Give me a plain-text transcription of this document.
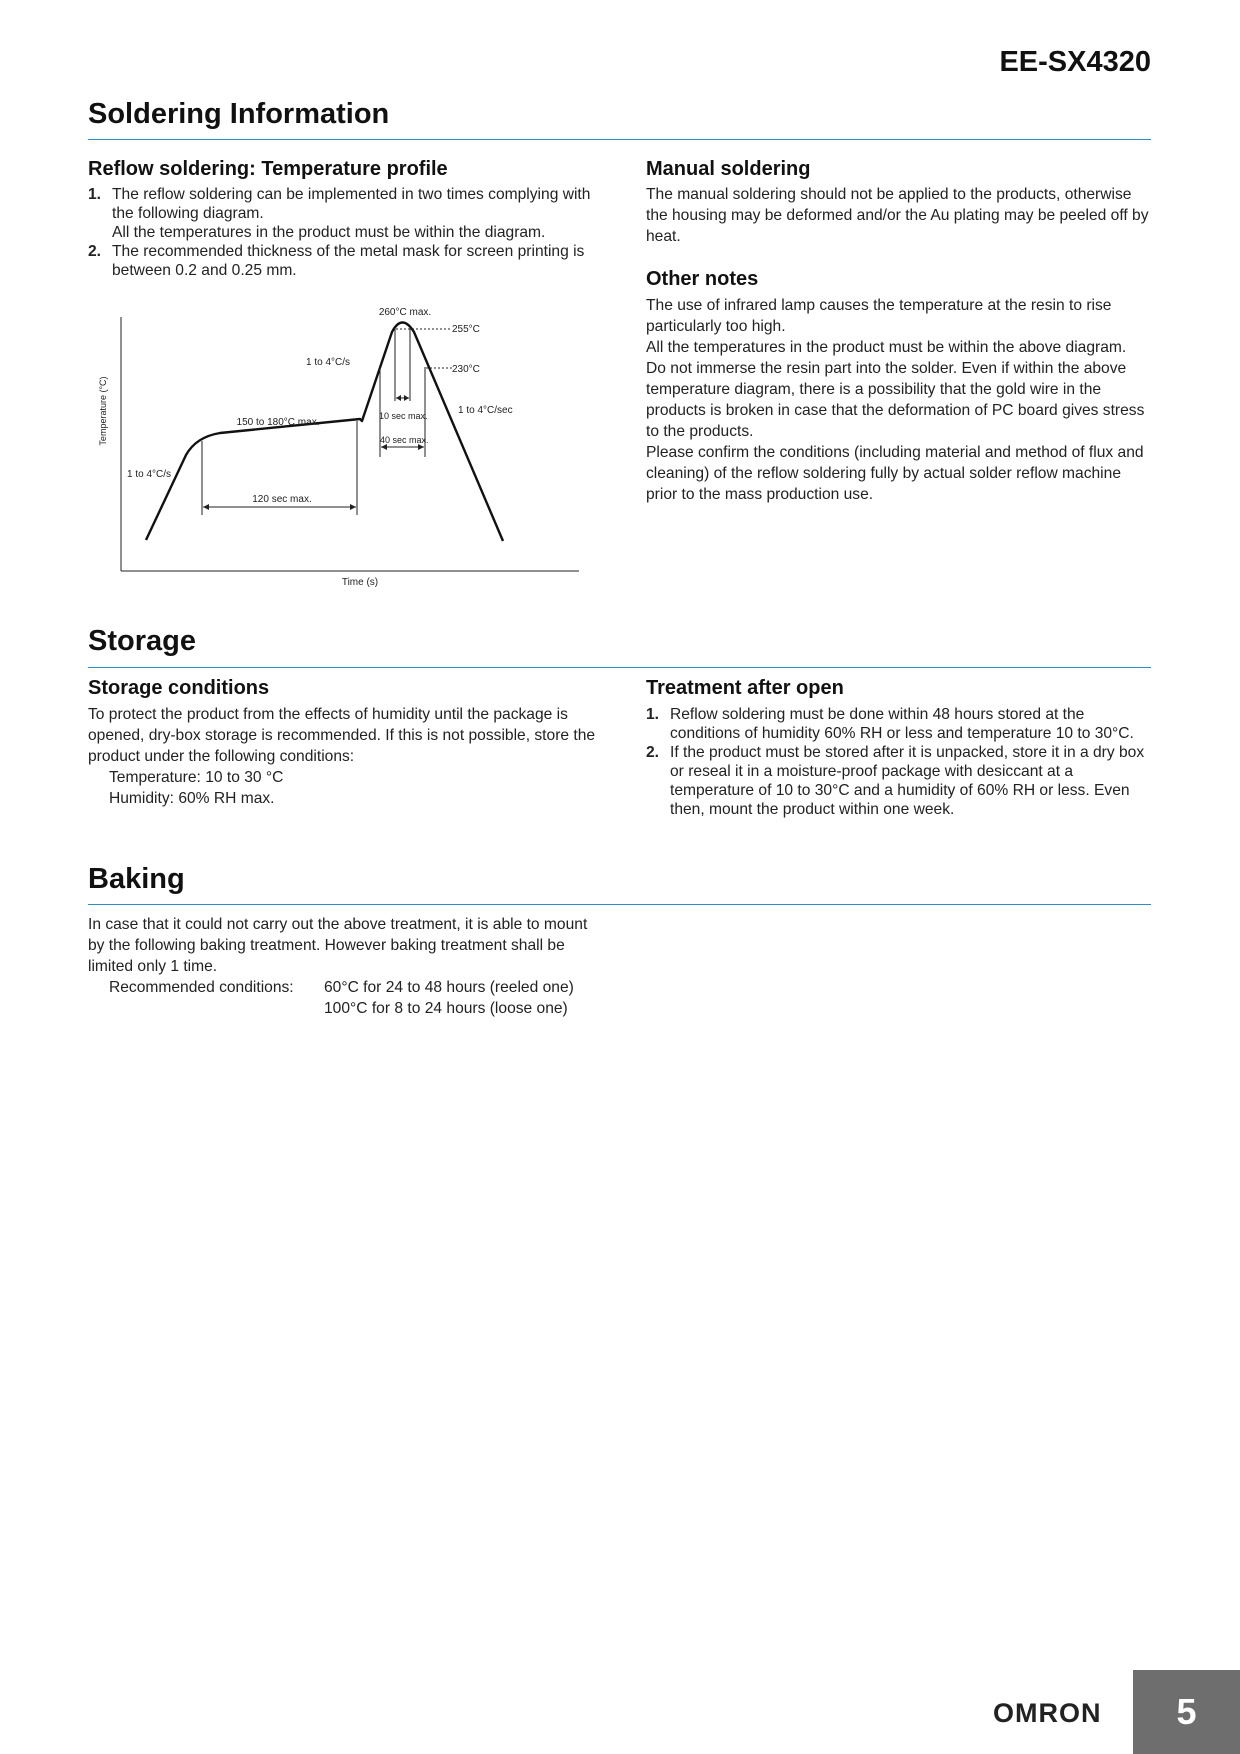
EE-SX4320
Soldering Information
Reflow soldering: Temperature profile
1. The reflow soldering can be implemented in two times complying with the following diagram.
All the temperatures in the product must be within the diagram.
2. The recommended thickness of the metal mask for screen printing is between 0.2 and 0.25 mm.
Temperature (°C)
Time (s)
260°C max.
255°C
230°C
1 to 4°C/s
1 to 4°C/sec
150 to 180°C max.
1 to 4°C/s
120 sec max.
10 sec max.
40 sec max.
Manual soldering
The manual soldering should not be applied to the products, otherwise the housing may be deformed and/or the Au plating may be peeled off by heat.
Other notes
The use of infrared lamp causes the temperature at the resin to rise particularly too high.
All the temperatures in the product must be within the above diagram.
Do not immerse the resin part into the solder. Even if within the above temperature diagram, there is a possibility that the gold wire in the products is broken in case that the deformation of PC board gives stress to the products.
Please confirm the conditions (including material and method of flux and cleaning) of the reflow soldering fully by actual solder reflow machine prior to the mass production use.
Storage
Storage conditions
To protect the product from the effects of humidity until the package is opened, dry-box storage is recommended. If this is not possible, store the product under the following conditions:
Temperature: 10 to 30 °C
Humidity: 60% RH max.
Treatment after open
1. Reflow soldering must be done within 48 hours stored at the conditions of humidity 60% RH or less and temperature 10 to 30°C.
2. If the product must be stored after it is unpacked, store it in a dry box or reseal it in a moisture-proof package with desiccant at a temperature of 10 to 30°C and a humidity of 60% RH or less. Even then, mount the product within one week.
Baking
In case that it could not carry out the above treatment, it is able to mount by the following baking treatment. However baking treatment shall be limited only 1 time.
Recommended conditions:	60°C for 24 to 48 hours (reeled one)
100°C for 8 to 24 hours (loose one)
OMRON	5
